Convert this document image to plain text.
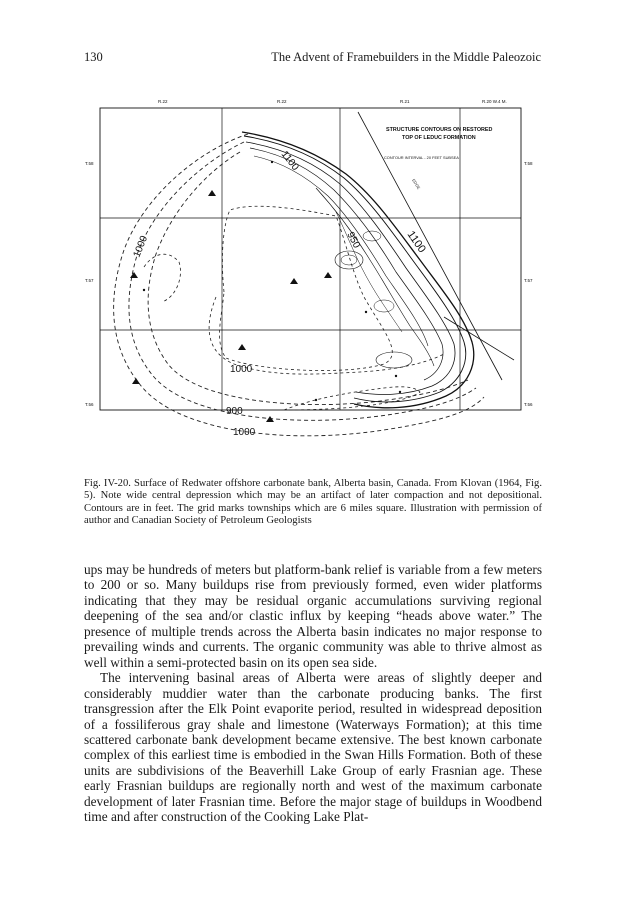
130	The Advent of Framebuilders in the Middle Paleozoic
R.22	R.22	R.21	R.20 W.4 M.
T.58
T.57
T.56
T.58
T.57
T.56
STRUCTURE CONTOURS ON RESTORED
TOP OF LEDUC FORMATION
CONTOUR INTERVAL - 20 FEET SUBSEA
EDGE
1100
1000	950	1100
1000
900
1000
Fig. IV-20. Surface of Redwater offshore carbonate bank, Alberta basin, Canada. From Klovan (1964, Fig. 5). Note wide central depression which may be an artifact of later compaction and not depositional. Contours are in feet. The grid marks townships which are 6 miles square. Illustration with permission of author and Canadian Society of Petroleum Geologists

ups may be hundreds of meters but platform-bank relief is variable from a few meters to 200 or so. Many buildups rise from previously formed, even wider platforms indicating that they may be residual organic accumulations surviving regional deepening of the sea and/or clastic influx by keeping “heads above water.” The presence of multiple trends across the Alberta basin indicates no major response to prevailing winds and currents. The organic community was able to thrive almost as well within a semi-protected basin on its open sea side.

The intervening basinal areas of Alberta were areas of slightly deeper and considerably muddier water than the carbonate producing banks. The first transgression after the Elk Point evaporite period, resulted in widespread deposition of a fossiliferous gray shale and limestone (Waterways Formation); at this time scattered carbonate bank development became extensive. The best known carbonate complex of this earliest time is embodied in the Swan Hills Formation. Both of these units are subdivisions of the Beaverhill Lake Group of early Frasnian age. These early Frasnian buildups are regionally north and west of the maximum carbonate development of later Frasnian time. Before the major stage of buildups in Woodbend time and after construction of the Cooking Lake Plat-
